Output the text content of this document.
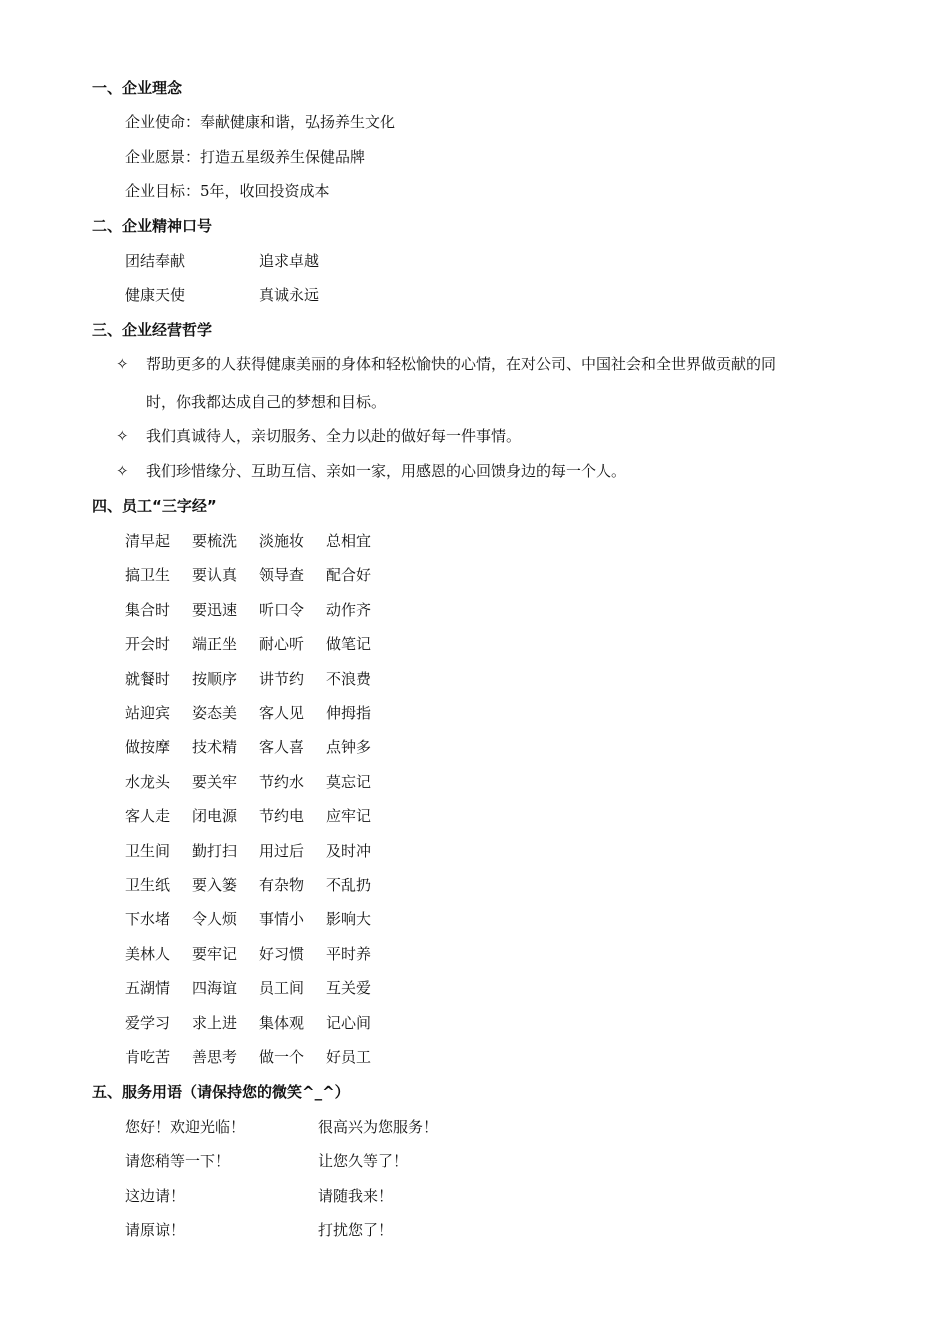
一、企业理念
企业使命：奉献健康和谐，弘扬养生文化
企业愿景：打造五星级养生保健品牌
企业目标：5年，收回投资成本
二、企业精神口号
团结奉献	追求卓越
健康天使	真诚永远
三、企业经营哲学
✧ 帮助更多的人获得健康美丽的身体和轻松愉快的心情，在对公司、中国社会和全世界做贡献的同
时，你我都达成自己的梦想和目标。
✧ 我们真诚待人，亲切服务、全力以赴的做好每一件事情。
✧ 我们珍惜缘分、互助互信、亲如一家，用感恩的心回馈身边的每一个人。
四、员工“三字经”
清早起 要梳洗 淡施妆 总相宜
搞卫生 要认真 领导查 配合好
集合时 要迅速 听口令 动作齐
开会时 端正坐 耐心听 做笔记
就餐时 按顺序 讲节约 不浪费
站迎宾 姿态美 客人见 伸拇指
做按摩 技术精 客人喜 点钟多
水龙头 要关牢 节约水 莫忘记
客人走 闭电源 节约电 应牢记
卫生间 勤打扫 用过后 及时冲
卫生纸 要入篓 有杂物 不乱扔
下水堵 令人烦 事情小 影响大
美林人 要牢记 好习惯 平时养
五湖情 四海谊 员工间 互关爱
爱学习 求上进 集体观 记心间
肯吃苦 善思考 做一个 好员工
五、服务用语（请保持您的微笑^_^）
您好！欢迎光临！	很高兴为您服务！
请您稍等一下！	让您久等了！
这边请！	请随我来！
请原谅！	打扰您了！
